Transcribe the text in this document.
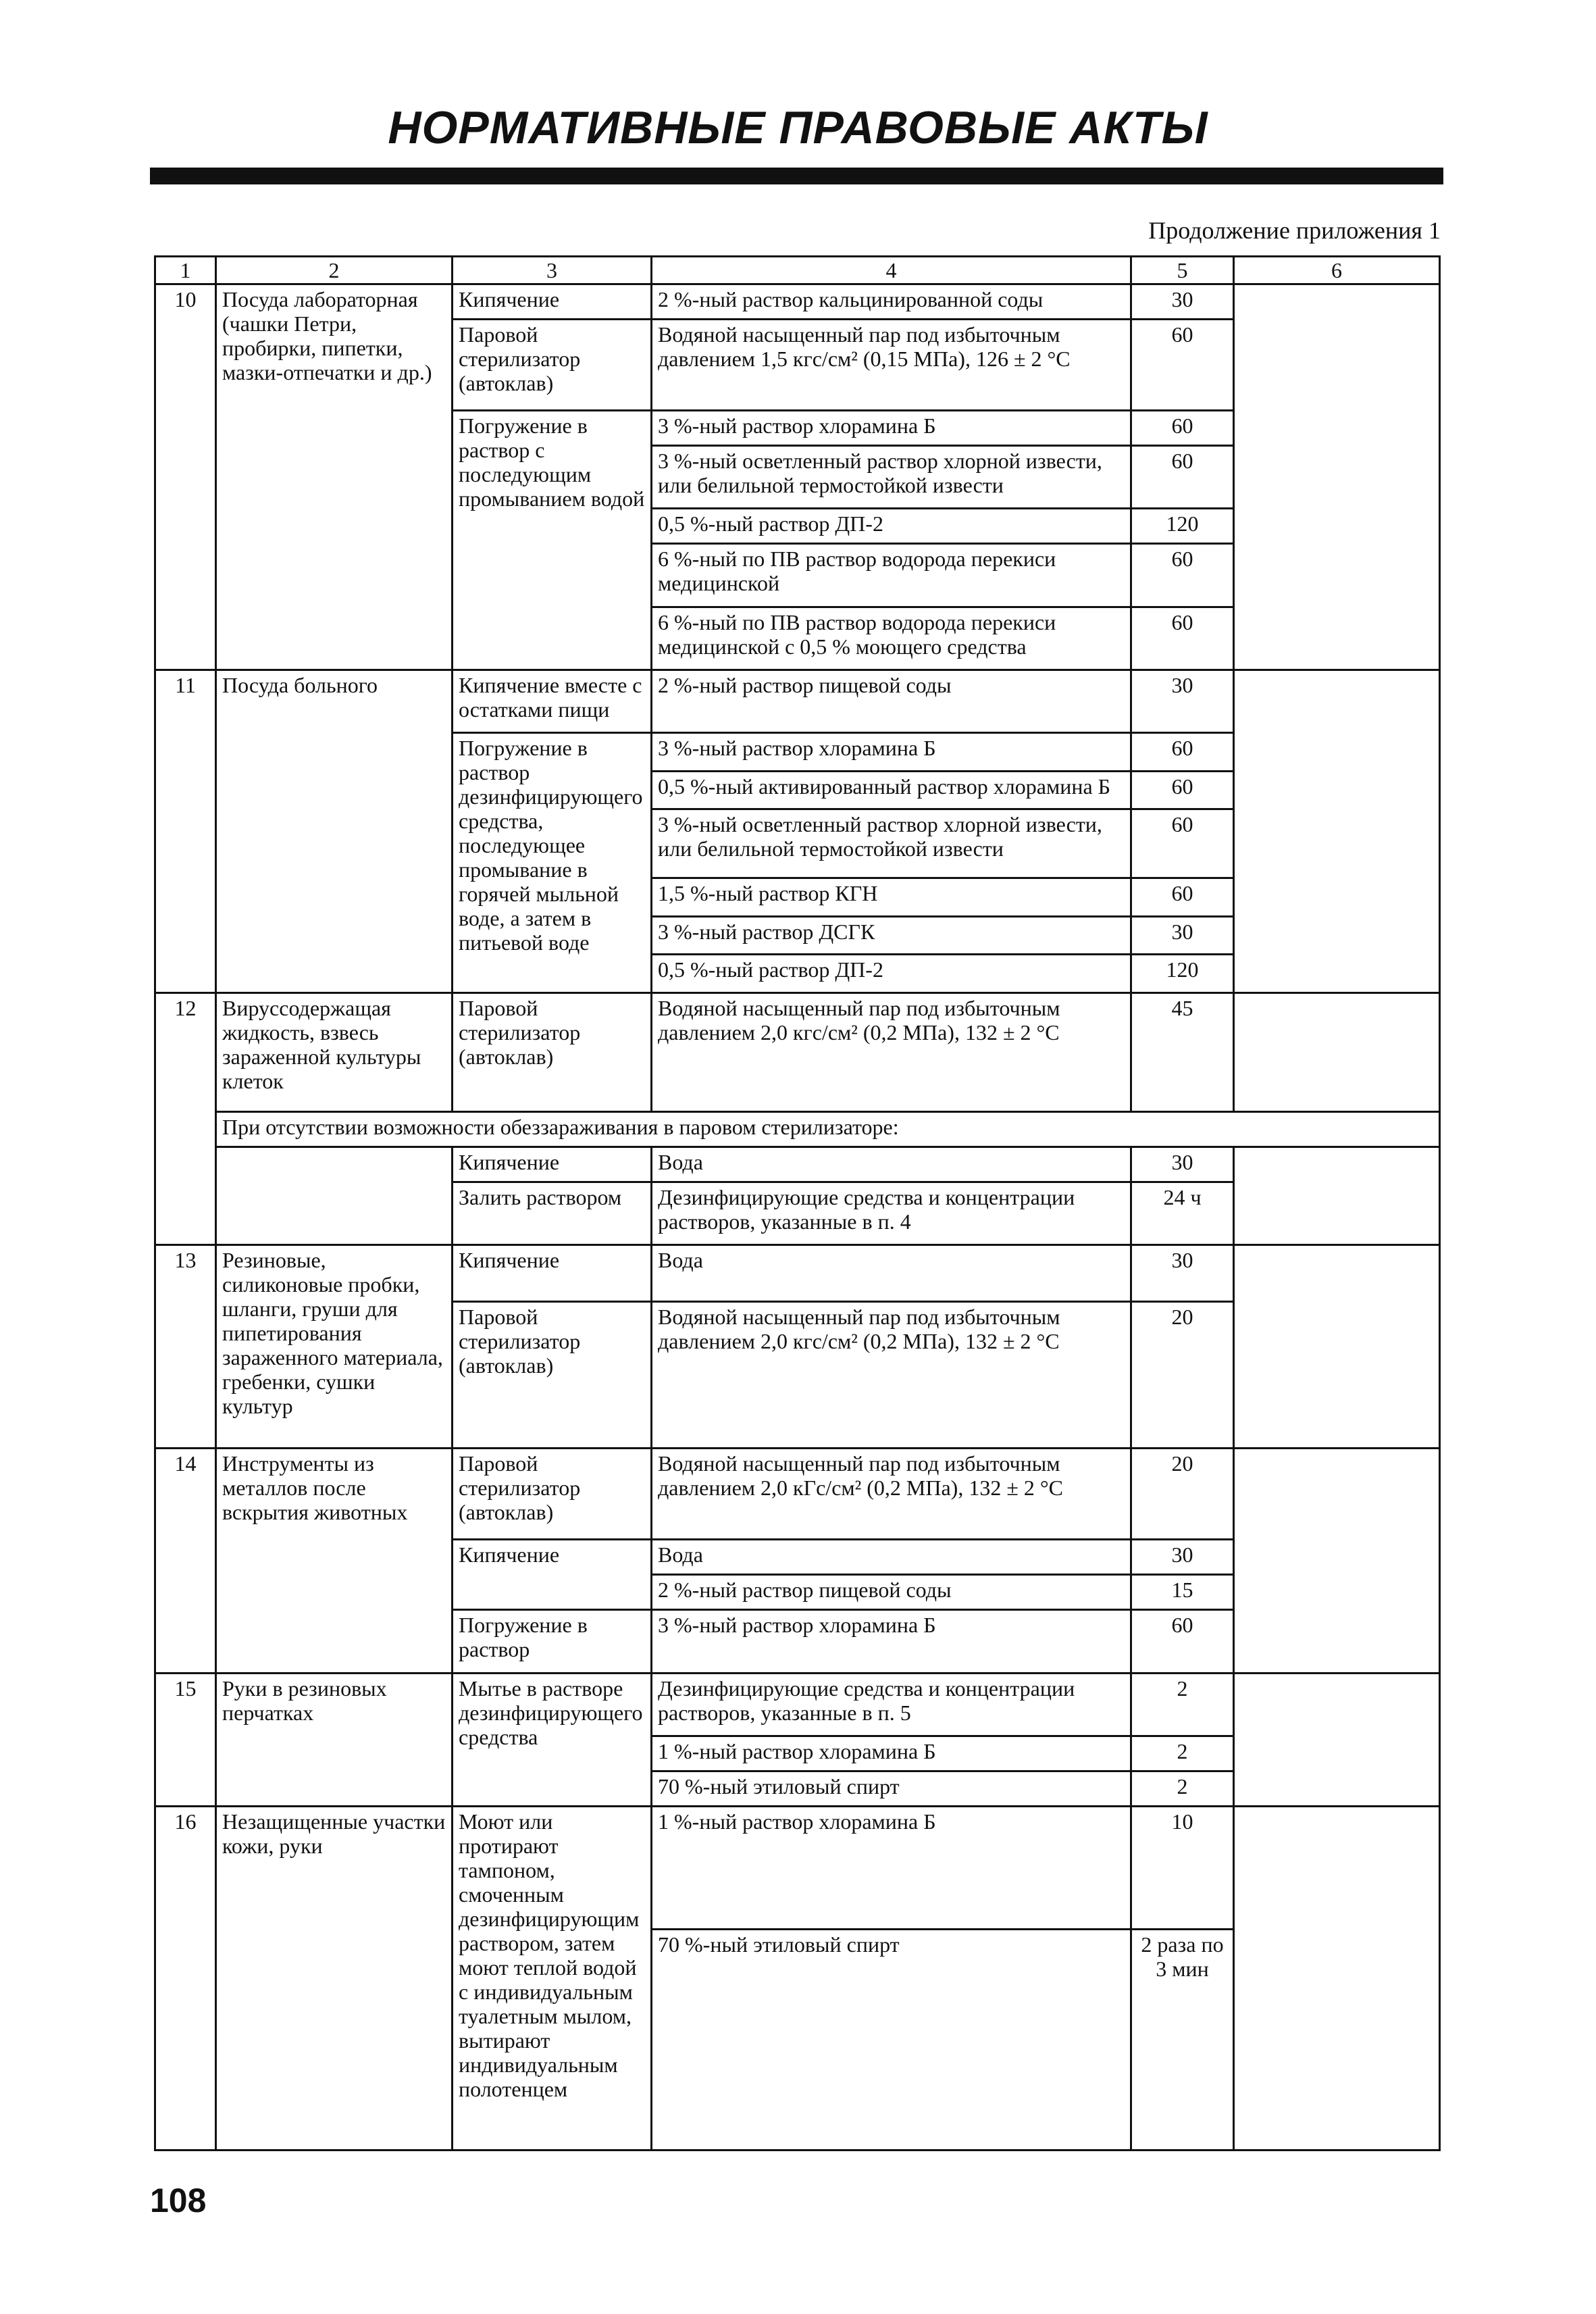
НОРМАТИВНЫЕ ПРАВОВЫЕ АКТЫ
Продолжение приложения 1
1	2	3	4	5	6
10	Посуда лабораторная (чашки Петри, пробирки, пипетки, мазки-отпечатки и др.)	Кипячение	2 %-ный раствор кальцинированной соды	30	
		Паровой стерилизатор (автоклав)	Водяной насыщенный пар под избыточным давлением 1,5 кгс/см² (0,15 МПа), 126 ± 2 °С	60	
		Погружение в раствор с последующим промыванием водой	3 %-ный раствор хлорамина Б	60	
			3 %-ный осветленный раствор хлорной извести, или белильной термостойкой извести	60	
			0,5 %-ный раствор ДП-2	120	
			6 %-ный по ПВ раствор водорода перекиси медицинской	60	
			6 %-ный по ПВ раствор водорода перекиси медицинской с 0,5 % моющего средства	60	
11	Посуда больного	Кипячение вместе с остатками пищи	2 %-ный раствор пищевой соды	30	
		Погружение в раствор дезинфицирующего средства, последующее промывание в горячей мыльной воде, а затем в питьевой воде	3 %-ный раствор хлорамина Б	60	
			0,5 %-ный активированный раствор хлорамина Б	60	
			3 %-ный осветленный раствор хлорной извести, или белильной термостойкой извести	60	
			1,5 %-ный раствор КГН	60	
			3 %-ный раствор ДСГК	30	
			0,5 %-ный раствор ДП-2	120	
12	Вируссодержащая жидкость, взвесь зараженной культуры клеток	Паровой стерилизатор (автоклав)	Водяной насыщенный пар под избыточным давлением 2,0 кгс/см² (0,2 МПа), 132 ± 2 °С	45	
	При отсутствии возможности обеззараживания в паровом стерилизаторе:				
		Кипячение	Вода	30	
		Залить раствором	Дезинфицирующие средства и концентрации растворов, указанные в п. 4	24 ч	
13	Резиновые, силиконовые пробки, шланги, груши для пипетирования зараженного материала, гребенки, сушки культур	Кипячение	Вода	30	
		Паровой стерилизатор (автоклав)	Водяной насыщенный пар под избыточным давлением 2,0 кгс/см² (0,2 МПа), 132 ± 2 °С	20	
14	Инструменты из металлов после вскрытия животных	Паровой стерилизатор (автоклав)	Водяной насыщенный пар под избыточным давлением 2,0 кГс/см² (0,2 МПа), 132 ± 2 °С	20	
		Кипячение	Вода	30	
			2 %-ный раствор пищевой соды	15	
		Погружение в раствор	3 %-ный раствор хлорамина Б	60	
15	Руки в резиновых перчатках	Мытье в растворе дезинфицирующего средства	Дезинфицирующие средства и концентрации растворов, указанные в п. 5	2	
			1 %-ный раствор хлорамина Б	2	
			70 %-ный этиловый спирт	2	
16	Незащищенные участки кожи, руки	Моют или протирают тампоном, смоченным дезинфицирующим раствором, затем моют теплой водой с индивидуальным туалетным мылом, вытирают индивидуальным полотенцем	1 %-ный раствор хлорамина Б	10	
			70 %-ный этиловый спирт	2 раза по 3 мин	
108
